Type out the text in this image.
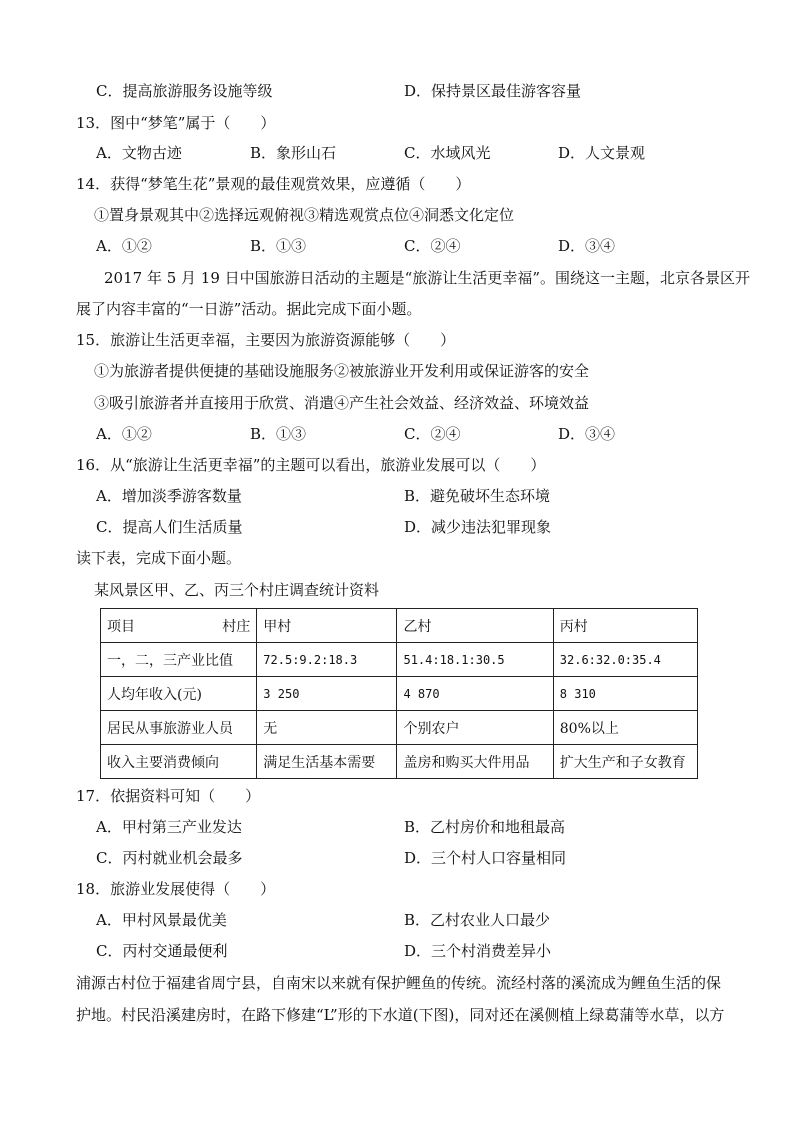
C．提高旅游服务设施等级	D．保持景区最佳游客容量
13．图中“梦笔”属于（　　）
A．文物古迹	B．象形山石	C．水域风光	D．人文景观
14．获得“梦笔生花”景观的最佳观赏效果，应遵循（　　）
①置身景观其中②选择远观俯视③精选观赏点位④洞悉文化定位
A．①②	B．①③	C．②④	D．③④
2017 年 5 月 19 日中国旅游日活动的主题是“旅游让生活更幸福”。围绕这一主题，北京各景区开
展了内容丰富的“一日游”活动。据此完成下面小题。
15．旅游让生活更幸福，主要因为旅游资源能够（　　）
①为旅游者提供便捷的基础设施服务②被旅游业开发利用或保证游客的安全
③吸引旅游者并直接用于欣赏、消遣④产生社会效益、经济效益、环境效益
A．①②	B．①③	C．②④	D．③④
16．从“旅游让生活更幸福”的主题可以看出，旅游业发展可以（　　）
A．增加淡季游客数量	B．避免破坏生态环境
C．提高人们生活质量	D．减少违法犯罪现象
读下表，完成下面小题。
某风景区甲、乙、丙三个村庄调查统计资料
项目 村庄	甲村	乙村	丙村
一，二，三产业比值	72.5:9.2:18.3	51.4:18.1:30.5	32.6:32.0:35.4
人均年收入(元)	3 250	4 870	8 310
居民从事旅游业人员	无	个别农户	80%以上
收入主要消费倾向	满足生活基本需要	盖房和购买大件用品	扩大生产和子女教育
17．依据资料可知（　　）
A．甲村第三产业发达	B．乙村房价和地租最高
C．丙村就业机会最多	D．三个村人口容量相同
18．旅游业发展使得（　　）
A．甲村风景最优美	B．乙村农业人口最少
C．丙村交通最便利	D．三个村消费差异小
浦源古村位于福建省周宁县，自南宋以来就有保护鲤鱼的传统。流经村落的溪流成为鲤鱼生活的保
护地。村民沿溪建房时，在路下修建“L”形的下水道(下图)，同对还在溪侧植上绿葛蒲等水草，以方
